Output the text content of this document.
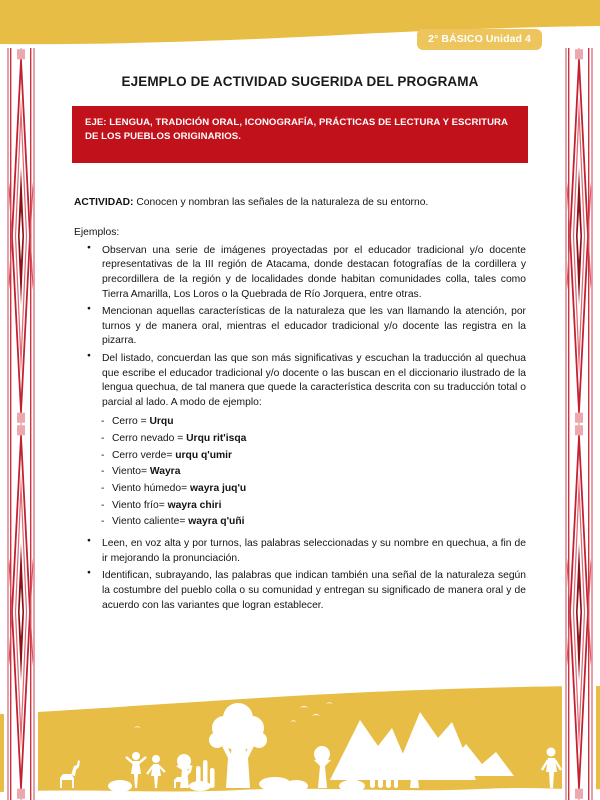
2° BÁSICO Unidad 4
EJEMPLO DE ACTIVIDAD SUGERIDA DEL PROGRAMA
EJE: LENGUA, TRADICIÓN ORAL, ICONOGRAFÍA, PRÁCTICAS DE LECTURA Y ESCRITURA DE LOS PUEBLOS ORIGINARIOS.
ACTIVIDAD: Conocen y nombran las señales de la naturaleza de su entorno.
Ejemplos:
● Observan una serie de imágenes proyectadas por el educador tradicional y/o docente representativas de la III región de Atacama, donde destacan fotografías de la cordillera y precordillera de la región y de localidades donde habitan comunidades colla, tales como Tierra Amarilla, Los Loros o la Quebrada de Río Jorquera, entre otras.
● Mencionan aquellas características de la naturaleza que les van llamando la atención, por turnos y de manera oral, mientras el educador tradicional y/o docente las registra en la pizarra.
● Del listado, concuerdan las que son más significativas y escuchan la traducción al quechua que escribe el educador tradicional y/o docente o las buscan en el diccionario ilustrado de la lengua quechua, de tal manera que quede la característica descrita con su traducción total o parcial al lado. A modo de ejemplo:
- Cerro = Urqu
- Cerro nevado = Urqu rit'isqa
- Cerro verde= urqu q'umir
- Viento= Wayra
- Viento húmedo= wayra juq'u
- Viento frío= wayra chiri
- Viento caliente= wayra q'uñi
● Leen, en voz alta y por turnos, las palabras seleccionadas y su nombre en quechua, a fin de ir mejorando la pronunciación.
● Identifican, subrayando, las palabras que indican también una señal de la naturaleza según la costumbre del pueblo colla o su comunidad y entregan su significado de manera oral y de acuerdo con las variantes que logran establecer.
